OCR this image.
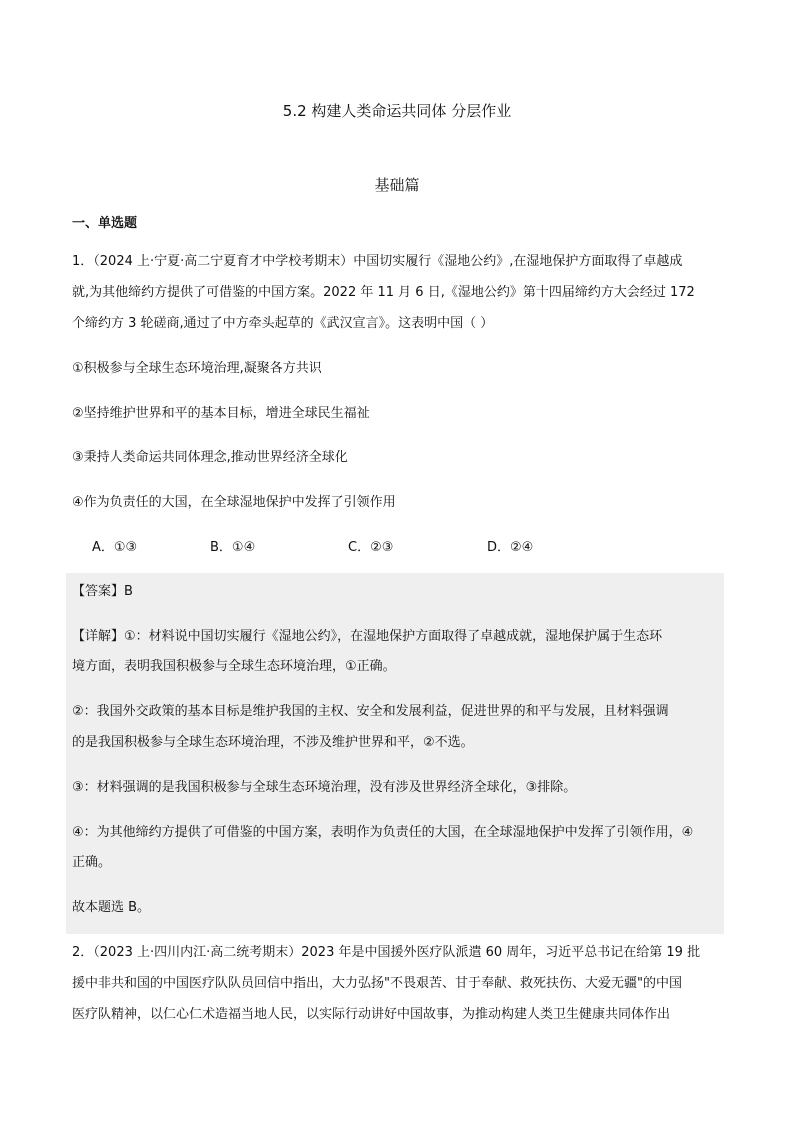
5.2 构建人类命运共同体 分层作业
基础篇
一、单选题
1．（2024 上·宁夏·高二宁夏育才中学校考期末）中国切实履行《湿地公约》,在湿地保护方面取得了卓越成
就,为其他缔约方提供了可借鉴的中国方案。2022 年 11 月 6 日,《湿地公约》第十四届缔约方大会经过 172
个缔约方 3 轮磋商,通过了中方牵头起草的《武汉宣言》。这表明中国（ ）
①积极参与全球生态环境治理,凝聚各方共识
②坚持维护世界和平的基本目标，增进全球民生福祉
③秉持人类命运共同体理念,推动世界经济全球化
④作为负责任的大国，在全球湿地保护中发挥了引领作用
A．①③	B．①④	C．②③	D．②④
【答案】B
【详解】①：材料说中国切实履行《湿地公约》，在湿地保护方面取得了卓越成就，湿地保护属于生态环
境方面，表明我国积极参与全球生态环境治理，①正确。
②：我国外交政策的基本目标是维护我国的主权、安全和发展利益，促进世界的和平与发展，且材料强调
的是我国积极参与全球生态环境治理，不涉及维护世界和平，②不选。
③：材料强调的是我国积极参与全球生态环境治理，没有涉及世界经济全球化，③排除。
④：为其他缔约方提供了可借鉴的中国方案，表明作为负责任的大国，在全球湿地保护中发挥了引领作用，④
正确。
故本题选 B。
2．（2023 上·四川内江·高二统考期末）2023 年是中国援外医疗队派遣 60 周年，习近平总书记在给第 19 批
援中非共和国的中国医疗队队员回信中指出，大力弘扬"不畏艰苦、甘于奉献、救死扶伤、大爱无疆"的中国
医疗队精神，以仁心仁术造福当地人民，以实际行动讲好中国故事，为推动构建人类卫生健康共同体作出
